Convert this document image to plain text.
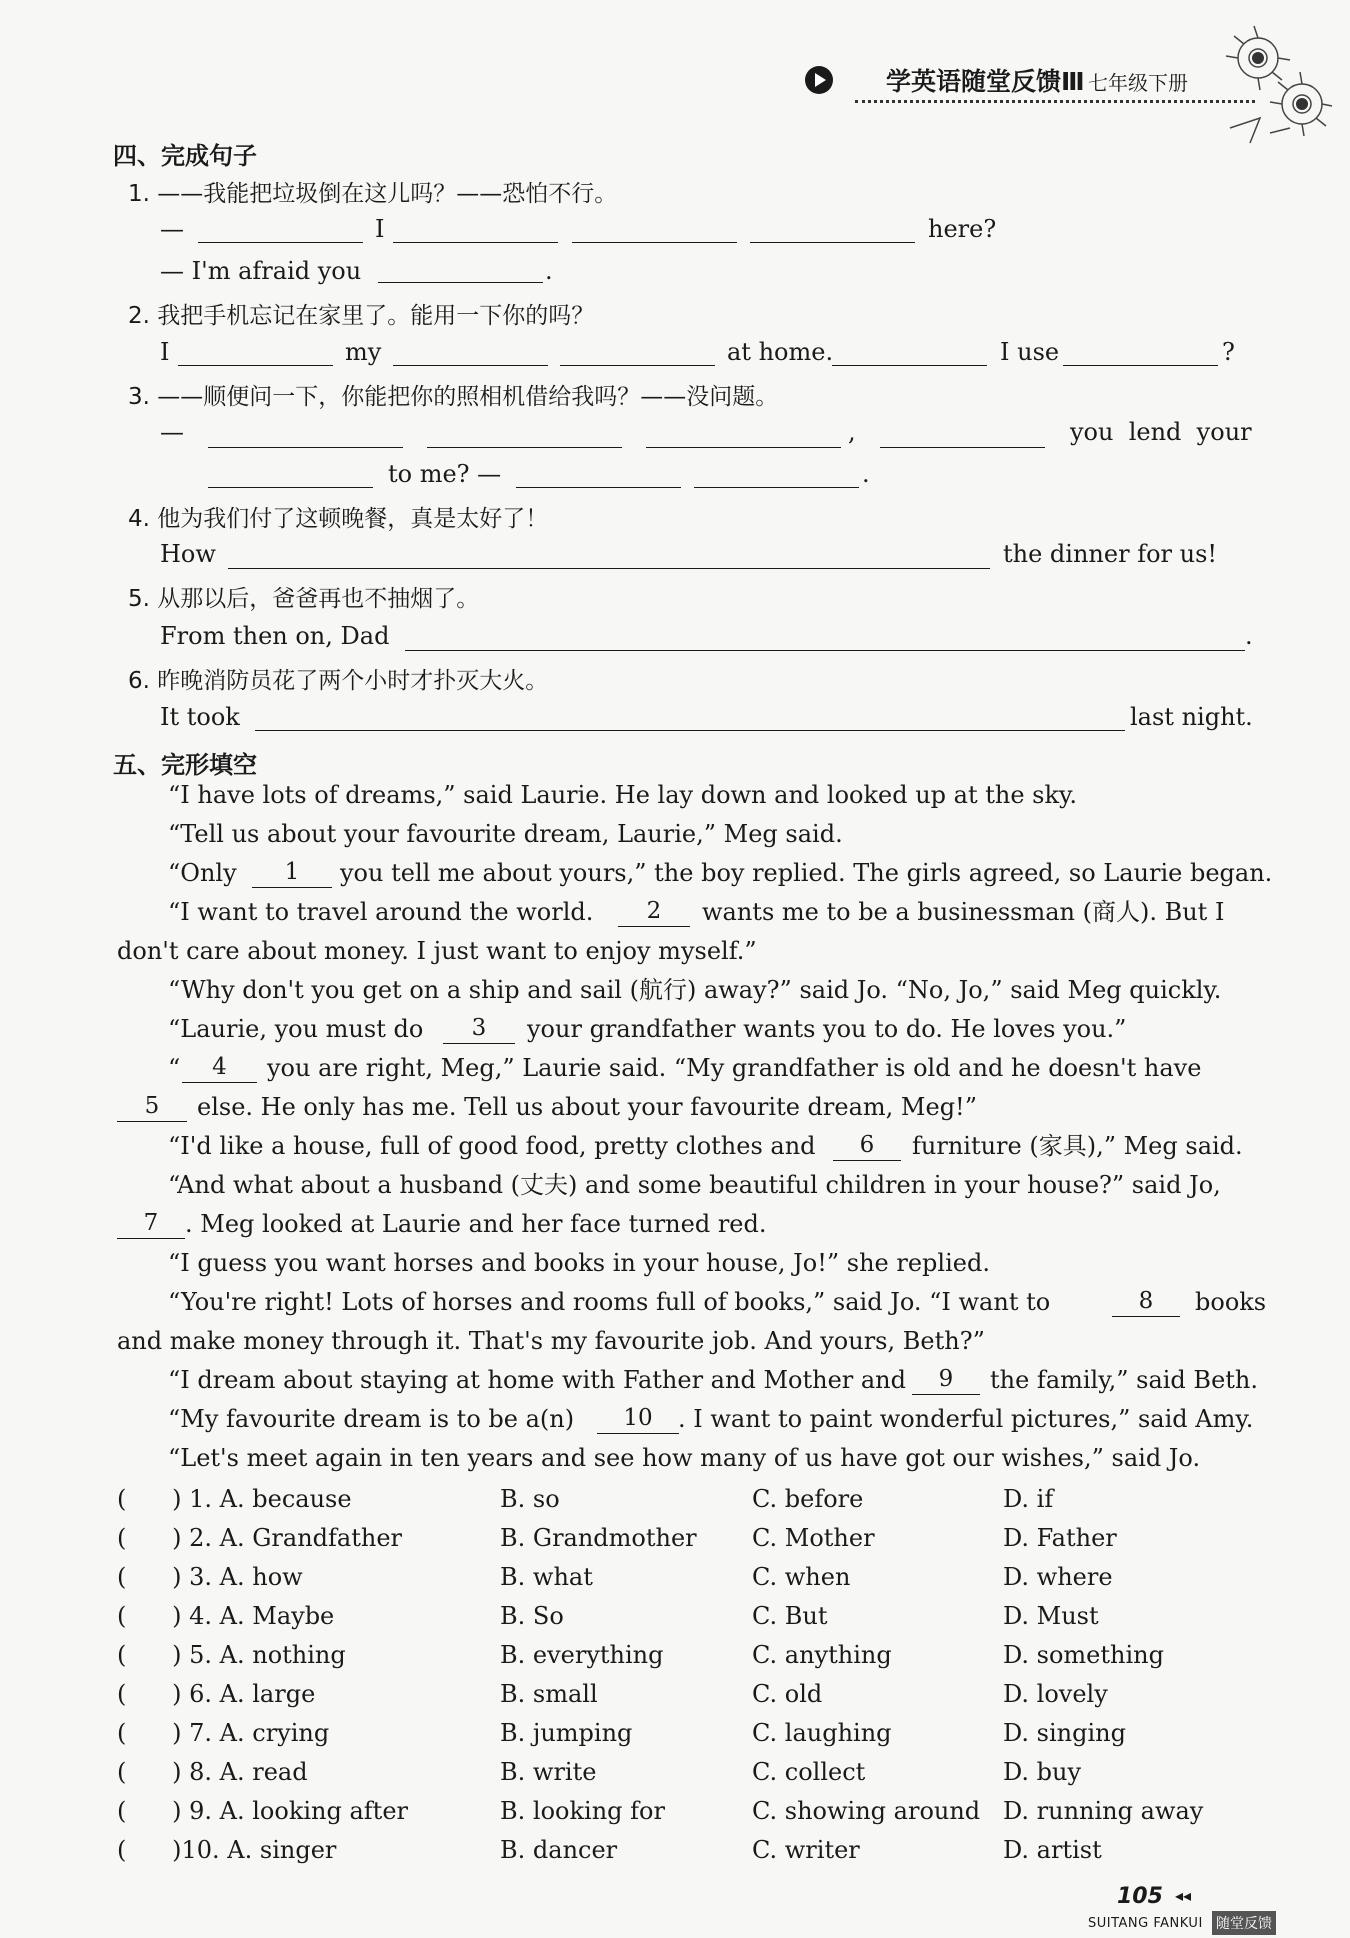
学英语随堂反馈Ⅲ 七年级下册
四、完成句子
1. ——我能把垃圾倒在这儿吗？——恐怕不行。
—	I	here?
— I'm afraid you	.
2. 我把手机忘记在家里了。能用一下你的吗？
I	my	at home.	I use	?
3. ——顺便问一下，你能把你的照相机借给我吗？——没问题。
—	,	you  lend  your
to me? —	.
4. 他为我们付了这顿晚餐，真是太好了！
How	the dinner for us!
5. 从那以后，爸爸再也不抽烟了。
From then on, Dad	.
6. 昨晚消防员花了两个小时才扑灭大火。
It took	last night.
五、完形填空
“I have lots of dreams,” said Laurie. He lay down and looked up at the sky.
“Tell us about your favourite dream, Laurie,” Meg said.
“Only	1	you tell me about yours,” the boy replied. The girls agreed, so Laurie began.
“I want to travel around the world.	2	wants me to be a businessman (商人). But I
don't care about money. I just want to enjoy myself.”
“Why don't you get on a ship and sail (航行) away?” said Jo. “No, Jo,” said Meg quickly.
“Laurie, you must do	3	your grandfather wants you to do. He loves you.”
“	4	you are right, Meg,” Laurie said. “My grandfather is old and he doesn't have
5	else. He only has me. Tell us about your favourite dream, Meg!”
“I'd like a house, full of good food, pretty clothes and	6	furniture (家具),” Meg said.
“And what about a husband (丈夫) and some beautiful children in your house?” said Jo,
7	. Meg looked at Laurie and her face turned red.
“I guess you want horses and books in your house, Jo!” she replied.
“You're right! Lots of horses and rooms full of books,” said Jo. “I want to	8	books
and make money through it. That's my favourite job. And yours, Beth?”
“I dream about staying at home with Father and Mother and	9	the family,” said Beth.
“My favourite dream is to be a(n)	10	. I want to paint wonderful pictures,” said Amy.
“Let's meet again in ten years and see how many of us have got our wishes,” said Jo.
(      ) 1. A. because	B. so	C. before	D. if
(      ) 2. A. Grandfather	B. Grandmother C. Mother	D. Father
(      ) 3. A. how	B. what	C. when	D. where
(      ) 4. A. Maybe	B. So	C. But	D. Must
(      ) 5. A. nothing	B. everything	C. anything	D. something
(      ) 6. A. large	B. small	C. old	D. lovely
(      ) 7. A. crying	B. jumping	C. laughing	D. singing
(      ) 8. A. read	B. write	C. collect	D. buy
(      ) 9. A. looking after	B. looking for	C. showing around D. running away
(      )10. A. singer	B. dancer	C. writer	D. artist
105 ◂◂
SUITANG FANKUI 随堂反馈
